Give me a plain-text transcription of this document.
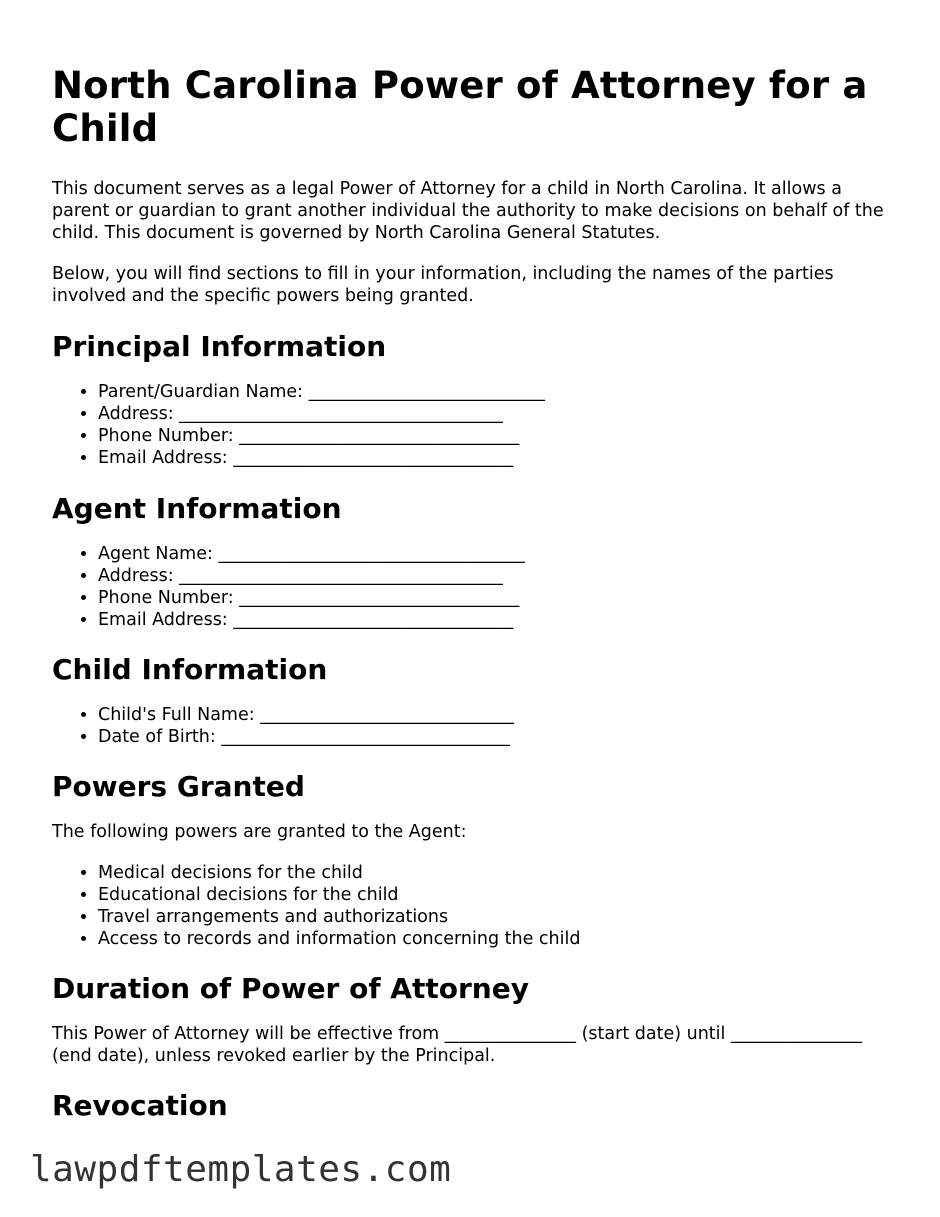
North Carolina Power of Attorney for a Child

This document serves as a legal Power of Attorney for a child in North Carolina. It allows a parent or guardian to grant another individual the authority to make decisions on behalf of the child. This document is governed by North Carolina General Statutes.

Below, you will find sections to fill in your information, including the names of the parties involved and the specific powers being granted.

Principal Information
• Parent/Guardian Name: ___________________________
• Address: _____________________________________
• Phone Number: ________________________________
• Email Address: ________________________________
Agent Information
• Agent Name: ___________________________________
• Address: _____________________________________
• Phone Number: ________________________________
• Email Address: ________________________________
Child Information
• Child's Full Name: _____________________________
• Date of Birth: _________________________________
Powers Granted

The following powers are granted to the Agent:

• Medical decisions for the child
• Educational decisions for the child
• Travel arrangements and authorizations
• Access to records and information concerning the child
Duration of Power of Attorney

This Power of Attorney will be effective from _______________ (start date) until _______________ (end date), unless revoked earlier by the Principal.

Revocation
lawpdftemplates.com
